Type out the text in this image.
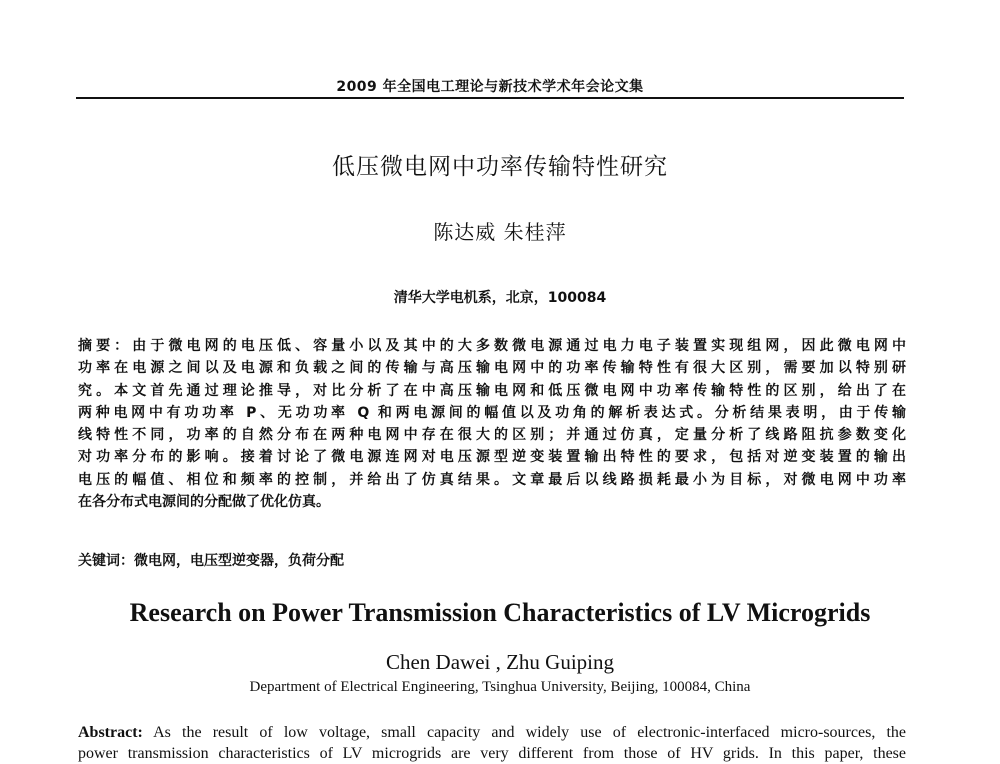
2009 年全国电工理论与新技术学术年会论文集
低压微电网中功率传输特性研究
陈达威 朱桂萍
清华大学电机系，北京，100084
摘要：由于微电网的电压低、容量小以及其中的大多数微电源通过电力电子装置实现组网，因此微电网中
功率在电源之间以及电源和负载之间的传输与高压输电网中的功率传输特性有很大区别，需要加以特别研
究。本文首先通过理论推导，对比分析了在中高压输电网和低压微电网中功率传输特性的区别，给出了在
两种电网中有功功率 P、无功功率 Q 和两电源间的幅值以及功角的解析表达式。分析结果表明，由于传输
线特性不同，功率的自然分布在两种电网中存在很大的区别；并通过仿真，定量分析了线路阻抗参数变化
对功率分布的影响。接着讨论了微电源连网对电压源型逆变装置输出特性的要求，包括对逆变装置的输出
电压的幅值、相位和频率的控制，并给出了仿真结果。文章最后以线路损耗最小为目标，对微电网中功率
在各分布式电源间的分配做了优化仿真。
关键词：微电网，电压型逆变器，负荷分配
Research on Power Transmission Characteristics of LV Microgrids
Chen Dawei , Zhu Guiping
Department of Electrical Engineering, Tsinghua University, Beijing, 100084, China
Abstract: As the result of low voltage, small capacity and widely use of electronic-interfaced micro-sources, the
power transmission characteristics of LV microgrids are very different from those of HV grids. In this paper, these
